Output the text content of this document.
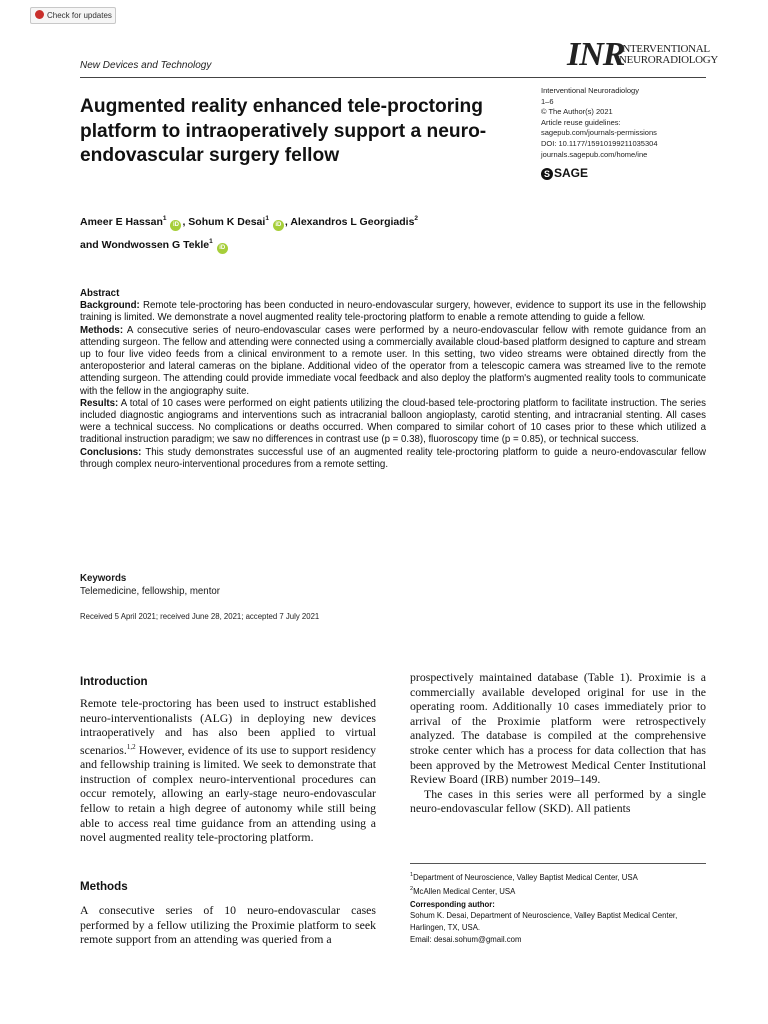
Check for updates
New Devices and Technology	INR
INTERVENTIONAL
NEURORADIOLOGY
Interventional Neuroradiology
1–6
© The Author(s) 2021
Article reuse guidelines:
sagepub.com/journals-permissions
DOI: 10.1177/15910199211035304
journals.sagepub.com/home/ine
S SAGE
Augmented reality enhanced tele-proctoring platform to intraoperatively support a neuro-endovascular surgery fellow
Ameer E Hassan$^1$ iD , Sohum K Desai$^1$ iD , Alexandros L Georgiadis$^2$
and Wondwossen G Tekle$^1$ iD

Abstract

Background: Remote tele-proctoring has been conducted in neuro-endovascular surgery, however, evidence to support its use in the fellowship training is limited. We demonstrate a novel augmented reality tele-proctoring platform to enable a remote attending to guide a fellow.

Methods: A consecutive series of neuro-endovascular cases were performed by a neuro-endovascular fellow with remote guidance from an attending surgeon. The fellow and attending were connected using a commercially available cloud-based platform designed to capture and stream up to four live video feeds from a clinical environment to a remote user. In this setting, two video streams were obtained directly from the anteroposterior and lateral cameras on the biplane. Additional video of the operator from a telescopic camera was streamed live to the remote attending surgeon. The attending could provide immediate vocal feedback and also deploy the platform's augmented reality tools to communicate with the fellow in the angiography suite.

Results: A total of 10 cases were performed on eight patients utilizing the cloud-based tele-proctoring platform to facilitate instruction. The series included diagnostic angiograms and interventions such as intracranial balloon angioplasty, carotid stenting, and intracranial stenting. All cases were a technical success. No complications or deaths occurred. When compared to similar cohort of 10 cases prior to these which utilized a traditional instruction paradigm; we saw no differences in contrast use (p = 0.38), fluoroscopy time (p = 0.85), or technical success.

Conclusions: This study demonstrates successful use of an augmented reality tele-proctoring platform to guide a neuro-endovascular fellow through complex neuro-interventional procedures from a remote setting.

Keywords
Telemedicine, fellowship, mentor
Received 5 April 2021; received June 28, 2021; accepted 7 July 2021
Introduction
Remote tele-proctoring has been used to instruct established neuro-interventionalists (ALG) in deploying new devices intraoperatively and has also been applied to virtual scenarios.$^{1,2}$ However, evidence of its use to support residency and fellowship training is limited. We seek to demonstrate that instruction of complex neuro-interventional procedures can occur remotely, allowing an early-stage neuro-endovascular fellow to retain a high degree of autonomy while still being able to access real time guidance from an attending using a novel augmented reality tele-proctoring platform.
Methods
A consecutive series of 10 neuro-endovascular cases performed by a fellow utilizing the Proximie platform to seek remote support from an attending was queried from a
prospectively maintained database (Table 1). Proximie is a commercially available developed original for use in the operating room. Additionally 10 cases immediately prior to arrival of the Proximie platform were retrospectively analyzed. The database is compiled at the comprehensive stroke center which has a process for data collection that has been approved by the Metrowest Medical Center Institutional Review Board (IRB) number 2019–149.
The cases in this series were all performed by a single neuro-endovascular fellow (SKD). All patients
$^1$Department of Neuroscience, Valley Baptist Medical Center, USA
$^2$McAllen Medical Center, USA
Corresponding author:
Sohum K. Desai, Department of Neuroscience, Valley Baptist Medical Center, Harlingen, TX, USA.
Email: desai.sohum@gmail.com
